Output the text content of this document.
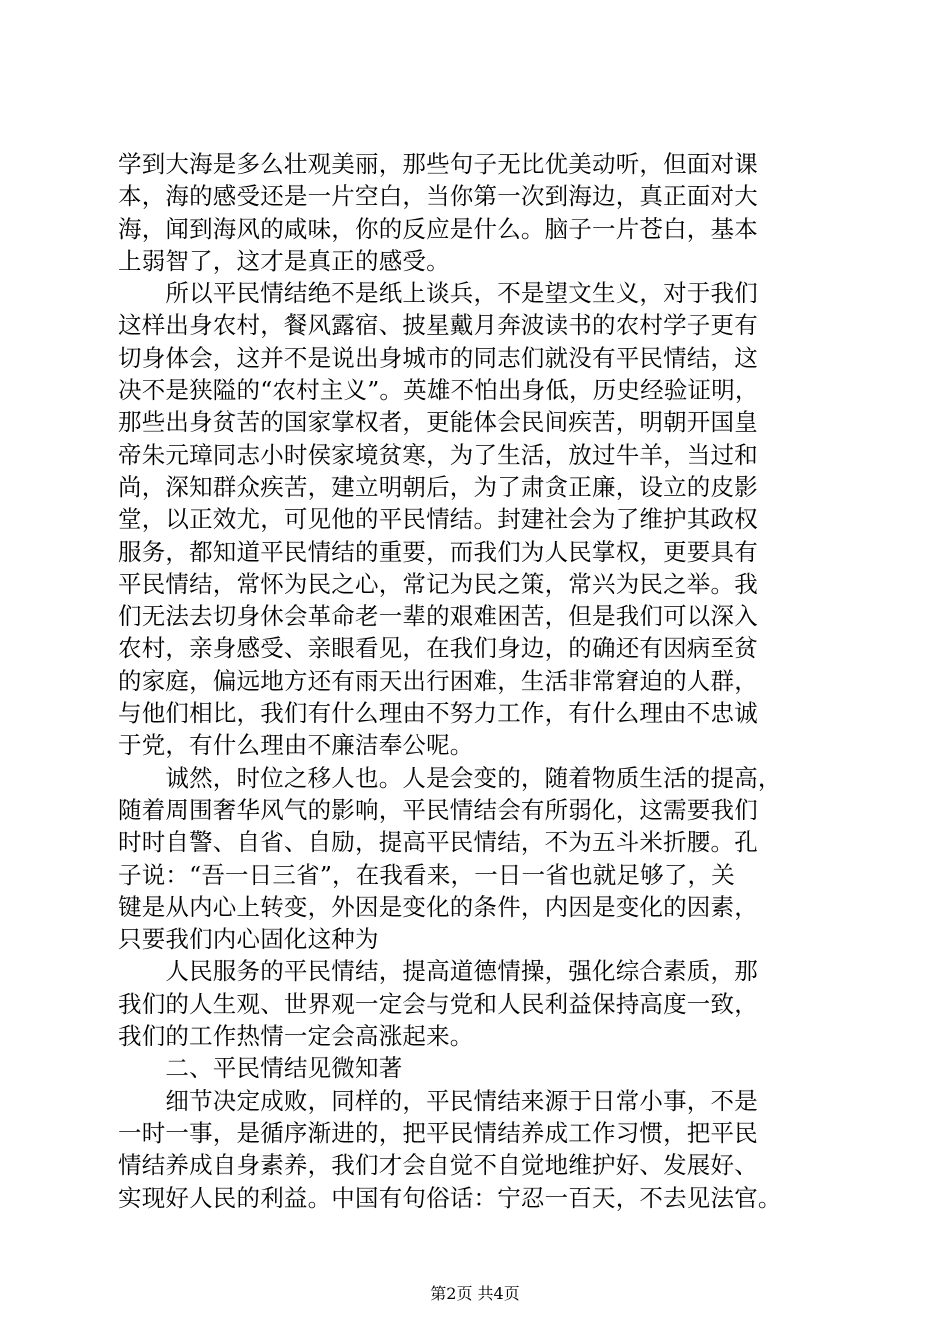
学到大海是多么壮观美丽，那些句子无比优美动听，但面对课
本，海的感受还是一片空白，当你第一次到海边，真正面对大
海，闻到海风的咸味，你的反应是什么。脑子一片苍白，基本
上弱智了，这才是真正的感受。
　　所以平民情结绝不是纸上谈兵，不是望文生义，对于我们
这样出身农村，餐风露宿、披星戴月奔波读书的农村学子更有
切身体会，这并不是说出身城市的同志们就没有平民情结，这
决不是狭隘的“农村主义”。英雄不怕出身低，历史经验证明，
那些出身贫苦的国家掌权者，更能体会民间疾苦，明朝开国皇
帝朱元璋同志小时侯家境贫寒，为了生活，放过牛羊，当过和
尚，深知群众疾苦，建立明朝后，为了肃贪正廉，设立的皮影
堂，以正效尤，可见他的平民情结。封建社会为了维护其政权
服务，都知道平民情结的重要，而我们为人民掌权，更要具有
平民情结，常怀为民之心，常记为民之策，常兴为民之举。我
们无法去切身休会革命老一辈的艰难困苦，但是我们可以深入
农村，亲身感受、亲眼看见，在我们身边，的确还有因病至贫
的家庭，偏远地方还有雨天出行困难，生活非常窘迫的人群，
与他们相比，我们有什么理由不努力工作，有什么理由不忠诚
于党，有什么理由不廉洁奉公呢。
　　诚然，时位之移人也。人是会变的，随着物质生活的提高，
随着周围奢华风气的影响，平民情结会有所弱化，这需要我们
时时自警、自省、自励，提高平民情结，不为五斗米折腰。孔
子说：“吾一日三省”，在我看来，一日一省也就足够了，关
键是从内心上转变，外因是变化的条件，内因是变化的因素，
只要我们内心固化这种为
　　人民服务的平民情结，提高道德情操，强化综合素质，那
我们的人生观、世界观一定会与党和人民利益保持高度一致，
我们的工作热情一定会高涨起来。
　　二、平民情结见微知著
　　细节决定成败，同样的，平民情结来源于日常小事，不是
一时一事，是循序渐进的，把平民情结养成工作习惯，把平民
情结养成自身素养，我们才会自觉不自觉地维护好、发展好、
实现好人民的利益。中国有句俗话：宁忍一百天，不去见法官。
第2页 共4页
